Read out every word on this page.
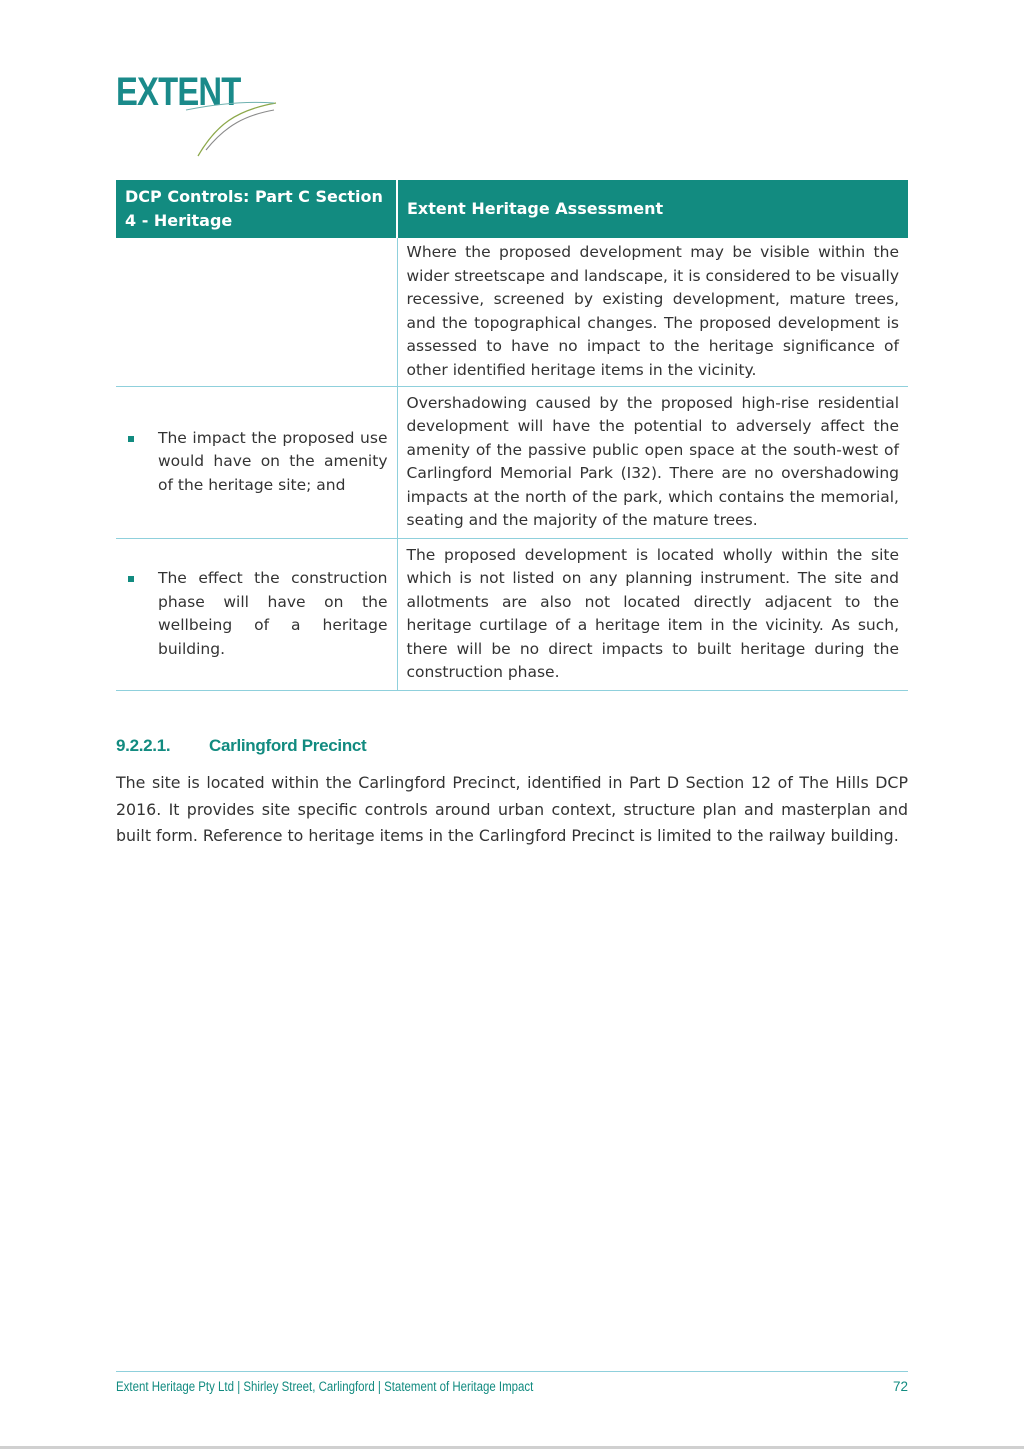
EXTENT
DCP Controls: Part C Section 4 - Heritage	Extent Heritage Assessment
	Where the proposed development may be visible within the wider streetscape and landscape, it is considered to be visually recessive, screened by existing development, mature trees, and the topographical changes. The proposed development is assessed to have no impact to the heritage significance of other identified heritage items in the vicinity.

The impact the proposed use would have on the amenity of the heritage site; and	Overshadowing caused by the proposed high-rise residential development will have the potential to adversely affect the amenity of the passive public open space at the south-west of Carlingford Memorial Park (I32). There are no overshadowing impacts at the north of the park, which contains the memorial, seating and the majority of the mature trees.

The effect the construction phase will have on the wellbeing of a heritage building.	The proposed development is located wholly within the site which is not listed on any planning instrument. The site and allotments are also not located directly adjacent to the heritage curtilage of a heritage item in the vicinity. As such, there will be no direct impacts to built heritage during the construction phase.
9.2.2.1. Carlingford Precinct
The site is located within the Carlingford Precinct, identified in Part D Section 12 of The Hills DCP 2016. It provides site specific controls around urban context, structure plan and masterplan and built form. Reference to heritage items in the Carlingford Precinct is limited to the railway building.
Extent Heritage Pty Ltd | Shirley Street, Carlingford | Statement of Heritage Impact	72
